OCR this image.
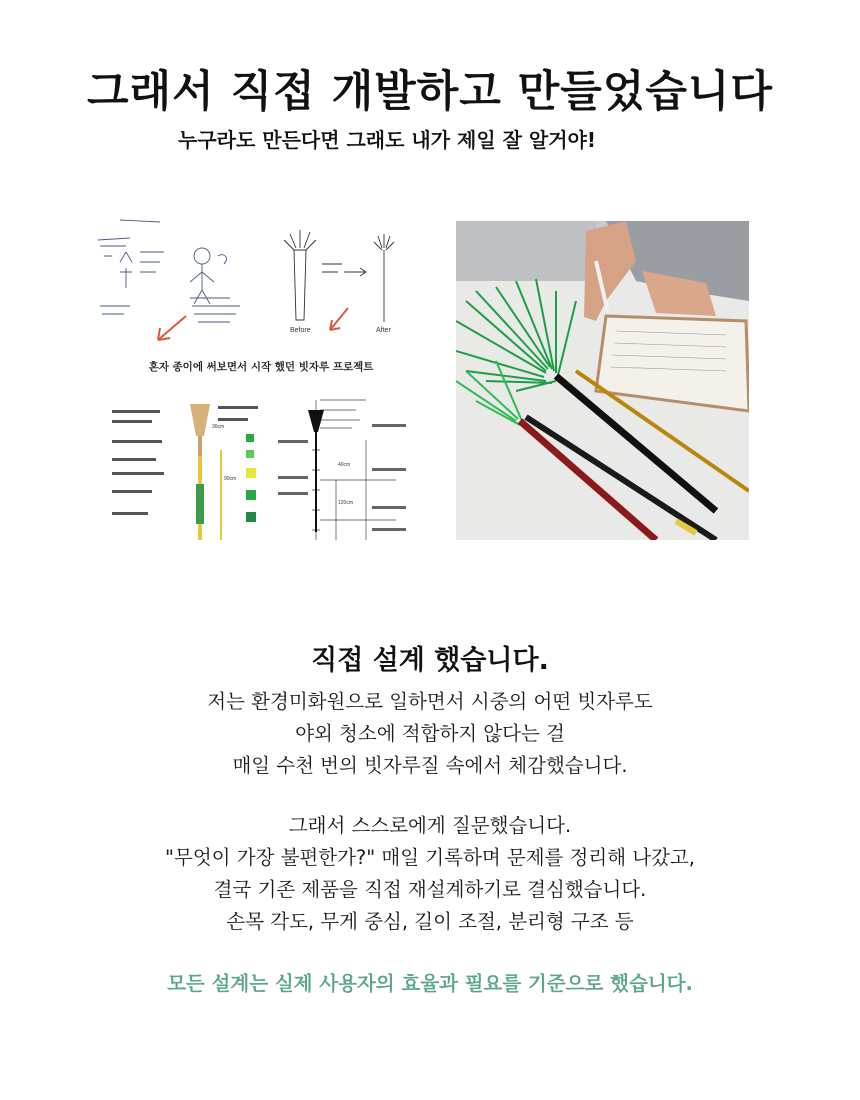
그래서 직접 개발하고 만들었습니다
누구라도 만든다면 그래도 내가 제일 잘 알거야!
Before	After
혼자 종이에 써보면서 시작 했던 빗자루 프로젝트
30cm
90cm
120cm
40cm
직접 설계 했습니다.
저는 환경미화원으로 일하면서 시중의 어떤 빗자루도
야외 청소에 적합하지 않다는 걸
매일 수천 번의 빗자루질 속에서 체감했습니다.
그래서 스스로에게 질문했습니다.
"무엇이 가장 불편한가?" 매일 기록하며 문제를 정리해 나갔고,
결국 기존 제품을 직접 재설계하기로 결심했습니다.
손목 각도, 무게 중심, 길이 조절, 분리형 구조 등
모든 설계는 실제 사용자의 효율과 필요를 기준으로 했습니다.
